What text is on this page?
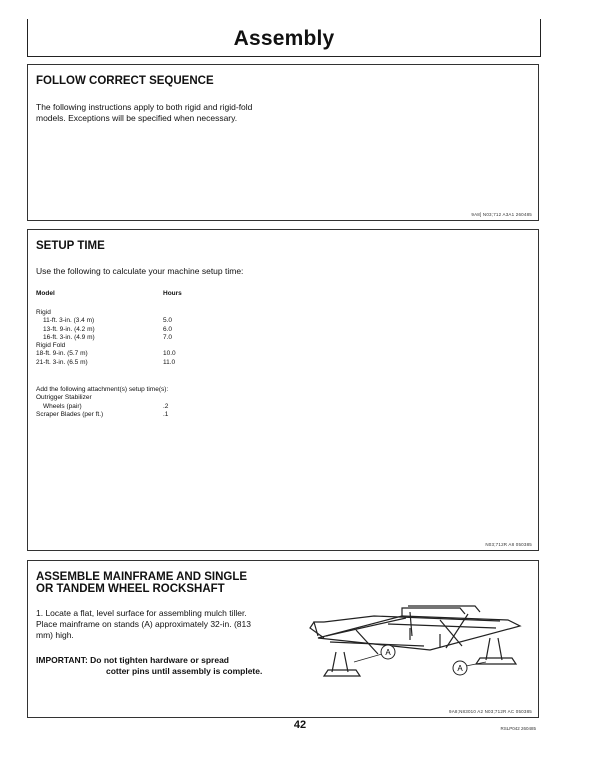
Assembly
FOLLOW CORRECT SEQUENCE
The following instructions apply to both rigid and rigid-fold
models. Exceptions will be specified when necessary.
9A8] N03;712 A3A1 260485
SETUP TIME
Use the following to calculate your machine setup time:
Model	Hours
Rigid
11-ft. 3-in. (3.4 m)	5.0
13-ft. 9-in. (4.2 m)	6.0
16-ft. 3-in. (4.9 m)	7.0
Rigid Fold
18-ft. 9-in. (5.7 m)	10.0
21-ft. 3-in. (6.5 m)	11.0
Add the following attachment(s) setup time(s):
Outrigger Stabilizer
Wheels (pair)	.2
Scraper Blades (per ft.)	.1
N03;712R A8 050385
ASSEMBLE MAINFRAME AND SINGLE
OR TANDEM WHEEL ROCKSHAFT
1. Locate a flat, level surface for assembling mulch tiller.
Place mainframe on stands (A) approximately 32-in. (813
mm) high.
IMPORTANT: Do not tighten hardware or spread
cotter pins until assembly is complete.
A
A
9A8;N83010 A2 N03;712R AC 050385
42	RSLP042 260485
